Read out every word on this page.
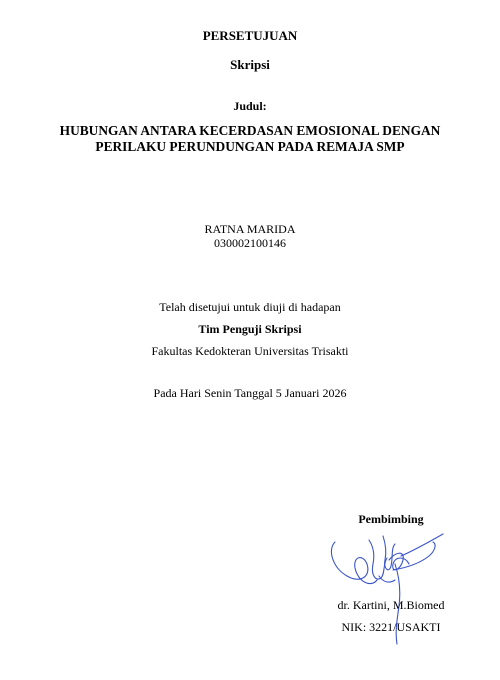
PERSETUJUAN
Skripsi
Judul:
HUBUNGAN ANTARA KECERDASAN EMOSIONAL DENGAN
PERILAKU PERUNDUNGAN PADA REMAJA SMP
RATNA MARIDA
030002100146
Telah disetujui untuk diuji di hadapan
Tim Penguji Skripsi
Fakultas Kedokteran Universitas Trisakti
Pada Hari Senin Tanggal 5 Januari 2026
Pembimbing
dr. Kartini, M.Biomed
NIK: 3221/USAKTI
